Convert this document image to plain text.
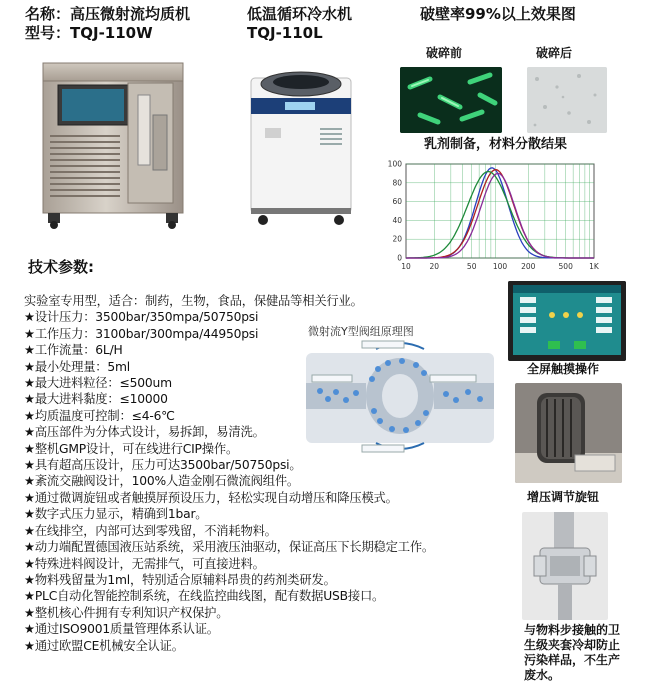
名称：高压微射流均质机
型号：TQJ-110W
低温循环冷水机
TQJ-110L
破壁率99%以上效果图
破碎前	破碎后
乳剂制备，材料分散结果
0
20
40
60
80
100
10 20	50 100 200	500 1K
技术参数:
实验室专用型，适合：制药，生物，食品，保健品等相关行业。
★设计压力：3500bar/350mpa/50750psi
★工作压力：3100bar/300mpa/44950psi
★工作流量：6L/H
★最小处理量：5ml
★最大进料粒径：≤500um
★最大进料黏度：≤10000
★均质温度可控制：≤4-6℃
★高压部件为分体式设计，易拆卸，易清洗。
★整机GMP设计，可在线进行CIP操作。
★具有超高压设计，压力可达3500bar/50750psi。
★紊流交融阀设计，100%人造金刚石微流阀组件。
★通过微调旋钮或者触摸屏预设压力，轻松实现自动增压和降压模式。
★数字式压力显示，精确到1bar。
★在线排空，内部可达到零残留，不消耗物料。
★动力端配置德国液压站系统，采用液压油驱动，保证高压下长期稳定工作。
★特殊进料阀设计，无需排气，可直接进料。
★物料残留量为1ml，特别适合原辅料昂贵的药剂类研发。
★PLC自动化智能控制系统，在线监控曲线图，配有数据USB接口。
★整机核心件拥有专利知识产权保护。
★通过ISO9001质量管理体系认证。
★通过欧盟CE机械安全认证。
微射流Y型阀组原理图
全屏触摸操作
增压调节旋钮
与物料步接触的卫生级夹套冷却防止污染样品，不生产废水。
